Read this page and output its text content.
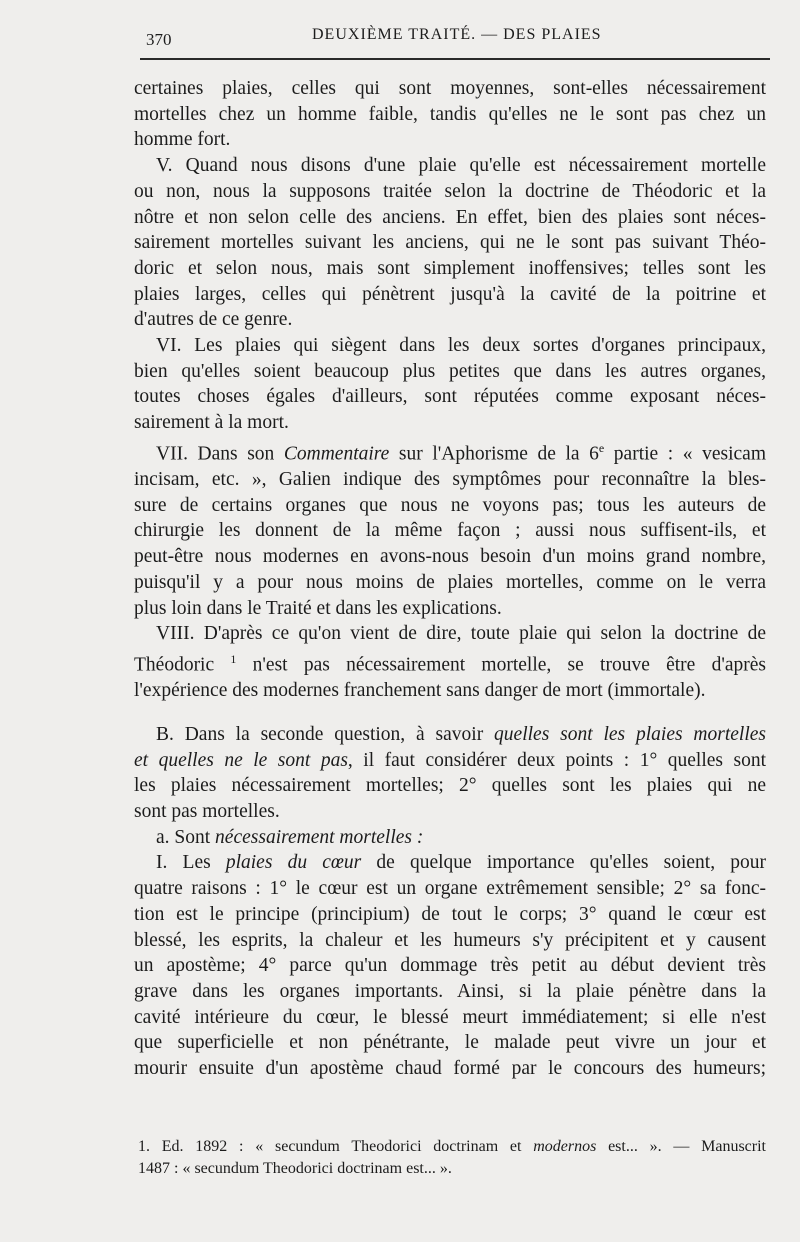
370	DEUXIÈME TRAITÉ. — DES PLAIES

certaines plaies, celles qui sont moyennes, sont-elles nécessairement

mortelles chez un homme faible, tandis qu'elles ne le sont pas chez un

homme fort.

V. Quand nous disons d'une plaie qu'elle est nécessairement mortelle

ou non, nous la supposons traitée selon la doctrine de Théodoric et la

nôtre et non selon celle des anciens. En effet, bien des plaies sont néces-

sairement mortelles suivant les anciens, qui ne le sont pas suivant Théo-

doric et selon nous, mais sont simplement inoffensives; telles sont les

plaies larges, celles qui pénètrent jusqu'à la cavité de la poitrine et

d'autres de ce genre.

VI. Les plaies qui siègent dans les deux sortes d'organes principaux,

bien qu'elles soient beaucoup plus petites que dans les autres organes,

toutes choses égales d'ailleurs, sont réputées comme exposant néces-

sairement à la mort.

VII. Dans son Commentaire sur l'Aphorisme de la 6e partie : « vesicam

incisam, etc. », Galien indique des symptômes pour reconnaître la bles-

sure de certains organes que nous ne voyons pas; tous les auteurs de

chirurgie les donnent de la même façon ; aussi nous suffisent-ils, et

peut-être nous modernes en avons-nous besoin d'un moins grand nombre,

puisqu'il y a pour nous moins de plaies mortelles, comme on le verra

plus loin dans le Traité et dans les explications.

VIII. D'après ce qu'on vient de dire, toute plaie qui selon la doctrine de

Théodoric $^1$ n'est pas nécessairement mortelle, se trouve être d'après

l'expérience des modernes franchement sans danger de mort (immortale).

B. Dans la seconde question, à savoir quelles sont les plaies mortelles

et quelles ne le sont pas, il faut considérer deux points : 1° quelles sont

les plaies nécessairement mortelles; 2° quelles sont les plaies qui ne

sont pas mortelles.

a. Sont nécessairement mortelles :

I. Les plaies du cœur de quelque importance qu'elles soient, pour

quatre raisons : 1° le cœur est un organe extrêmement sensible; 2° sa fonc-

tion est le principe (principium) de tout le corps; 3° quand le cœur est

blessé, les esprits, la chaleur et les humeurs s'y précipitent et y causent

un apostème; 4° parce qu'un dommage très petit au début devient très

grave dans les organes importants. Ainsi, si la plaie pénètre dans la

cavité intérieure du cœur, le blessé meurt immédiatement; si elle n'est

que superficielle et non pénétrante, le malade peut vivre un jour et

mourir ensuite d'un apostème chaud formé par le concours des humeurs;

1. Ed. 1892 : « secundum Theodorici doctrinam et modernos est... ». — Manuscrit

1487 : « secundum Theodorici doctrinam est... ».
